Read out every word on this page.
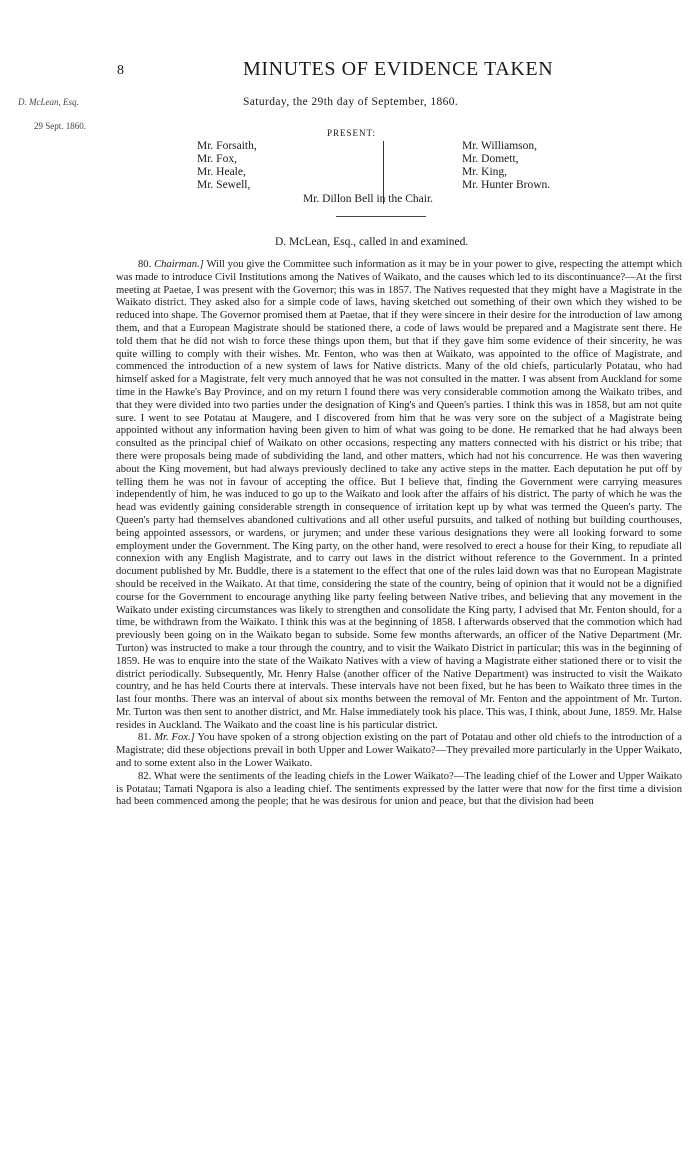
8	MINUTES OF EVIDENCE TAKEN
D. McLean, Esq.
29 Sept. 1860.
Saturday, the 29th day of September, 1860.
PRESENT:
Mr. Forsaith,
Mr. Fox,
Mr. Heale,
Mr. Sewell,
Mr. Williamson,
Mr. Domett,
Mr. King,
Mr. Hunter Brown.
Mr. Dillon Bell in the Chair.
D. McLean, Esq., called in and examined.

80. Chairman.] Will you give the Committee such information as it may be in your power to give, respecting the attempt which was made to introduce Civil Institutions among the Natives of Waikato, and the causes which led to its discontinuance?—At the first meeting at Paetae, I was present with the Governor; this was in 1857. The Natives requested that they might have a Magistrate in the Waikato district. They asked also for a simple code of laws, having sketched out something of their own which they wished to be reduced into shape. The Governor promised them at Paetae, that if they were sincere in their desire for the introduction of law among them, and that a European Magistrate should be stationed there, a code of laws would be prepared and a Magistrate sent there. He told them that he did not wish to force these things upon them, but that if they gave him some evidence of their sincerity, he was quite willing to comply with their wishes. Mr. Fenton, who was then at Waikato, was appointed to the office of Magistrate, and commenced the introduction of a new system of laws for Native districts. Many of the old chiefs, particularly Potatau, who had himself asked for a Magistrate, felt very much annoyed that he was not consulted in the matter. I was absent from Auckland for some time in the Hawke's Bay Province, and on my return I found there was very considerable commotion among the Waikato tribes, and that they were divided into two parties under the designation of King's and Queen's parties. I think this was in 1858, but am not quite sure. I went to see Potatau at Maugere, and I discovered from him that he was very sore on the subject of a Magistrate being appointed without any information having been given to him of what was going to be done. He remarked that he had always been consulted as the principal chief of Waikato on other occasions, respecting any matters connected with his district or his tribe; that there were proposals being made of subdividing the land, and other matters, which had not his concurrence. He was then wavering about the King movement, but had always previously declined to take any active steps in the matter. Each deputation he put off by telling them he was not in favour of accepting the office. But I believe that, finding the Government were carrying measures independently of him, he was induced to go up to the Waikato and look after the affairs of his district. The party of which he was the head was evidently gaining considerable strength in consequence of irritation kept up by what was termed the Queen's party. The Queen's party had themselves abandoned cultivations and all other useful pursuits, and talked of nothing but building courthouses, being appointed assessors, or wardens, or jurymen; and under these various designations they were all looking forward to some employment under the Government. The King party, on the other hand, were resolved to erect a house for their King, to repudiate all connexion with any English Magistrate, and to carry out laws in the district without reference to the Government. In a printed document published by Mr. Buddle, there is a statement to the effect that one of the rules laid down was that no European Magistrate should be received in the Waikato. At that time, considering the state of the country, being of opinion that it would not be a dignified course for the Government to encourage anything like party feeling between Native tribes, and believing that any movement in the Waikato under existing circumstances was likely to strengthen and consolidate the King party, I advised that Mr. Fenton should, for a time, be withdrawn from the Waikato. I think this was at the beginning of 1858. I afterwards observed that the commotion which had previously been going on in the Waikato began to subside. Some few months afterwards, an officer of the Native Department (Mr. Turton) was instructed to make a tour through the country, and to visit the Waikato District in particular; this was in the beginning of 1859. He was to enquire into the state of the Waikato Natives with a view of having a Magistrate either stationed there or to visit the district periodically. Subsequently, Mr. Henry Halse (another officer of the Native Department) was instructed to visit the Waikato country, and he has held Courts there at intervals. These intervals have not been fixed, but he has been to Waikato three times in the last four months. There was an interval of about six months between the removal of Mr. Fenton and the appointment of Mr. Turton. Mr. Turton was then sent to another district, and Mr. Halse immediately took his place. This was, I think, about June, 1859. Mr. Halse resides in Auckland. The Waikato and the coast line is his particular district.

81. Mr. Fox.] You have spoken of a strong objection existing on the part of Potatau and other old chiefs to the introduction of a Magistrate; did these objections prevail in both Upper and Lower Waikato?—They prevailed more particularly in the Upper Waikato, and to some extent also in the Lower Waikato.

82. What were the sentiments of the leading chiefs in the Lower Waikato?—The leading chief of the Lower and Upper Waikato is Potatau; Tamati Ngapora is also a leading chief. The sentiments expressed by the latter were that now for the first time a division had been commenced among the people; that he was desirous for union and peace, but that the division had been
